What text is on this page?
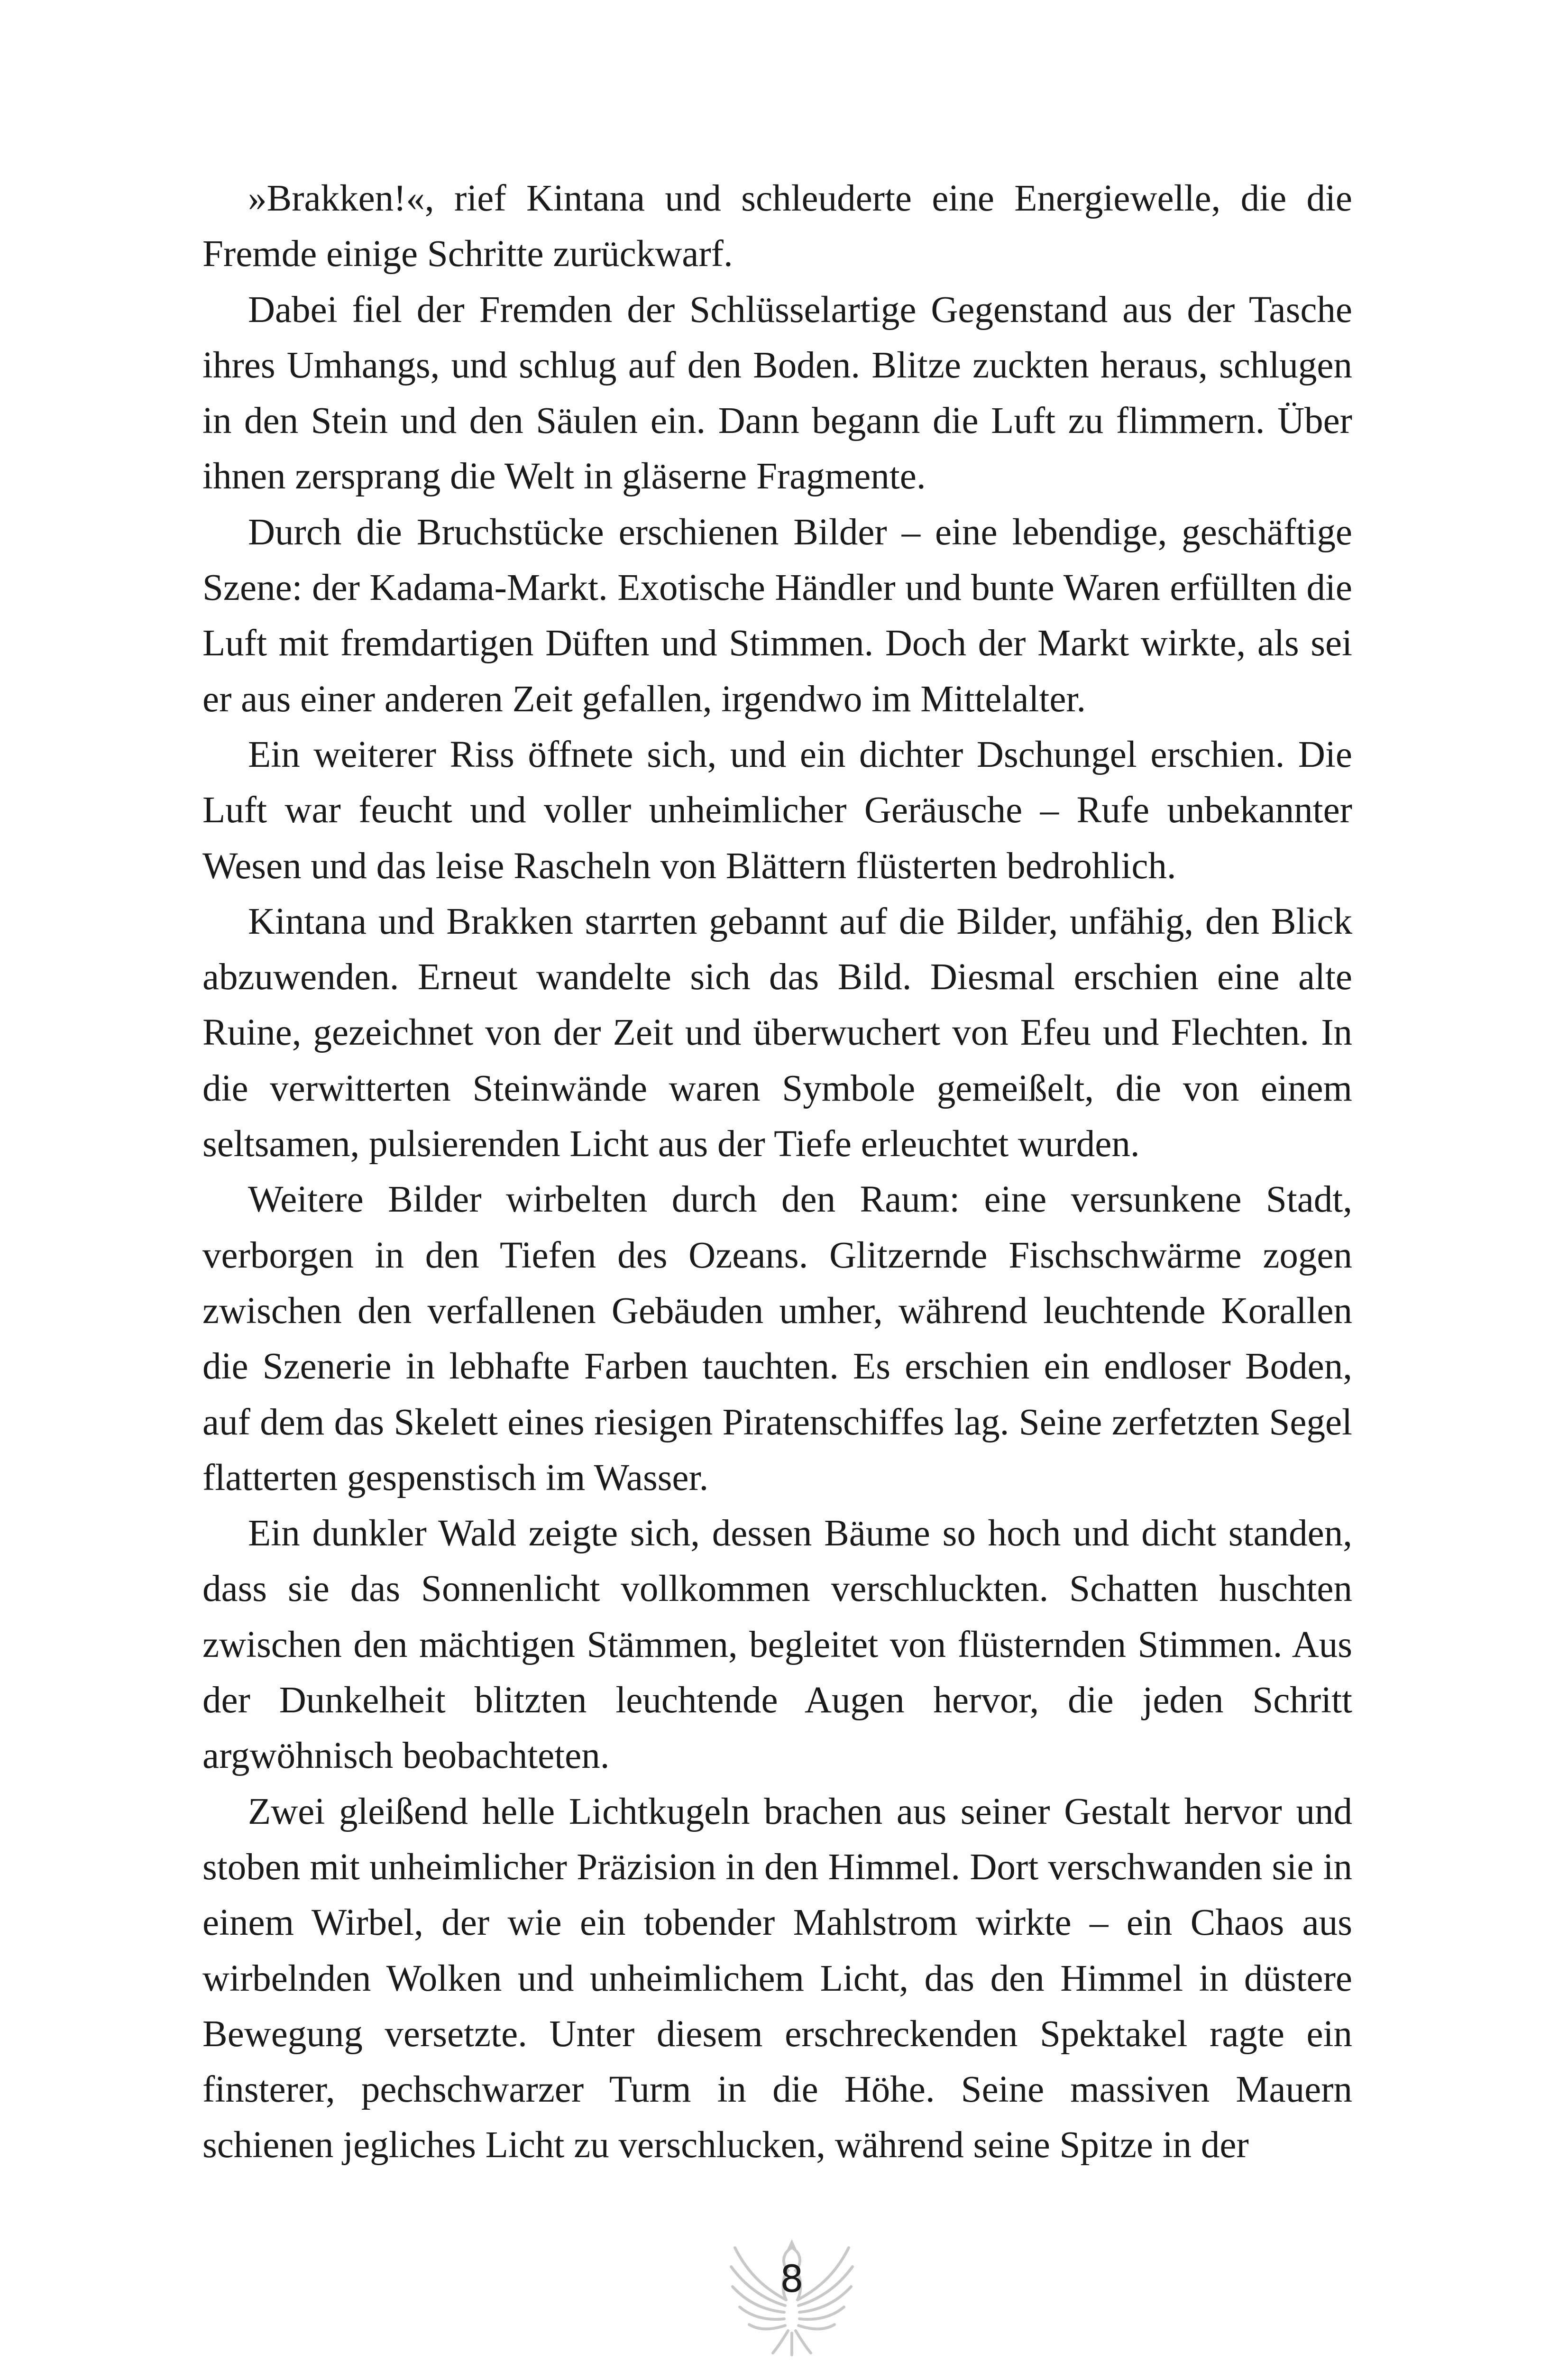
»Brakken!«, rief Kintana und schleuderte eine Energiewelle, die die Fremde einige Schritte zurückwarf.

Dabei fiel der Fremden der Schlüsselartige Gegenstand aus der Tasche ihres Umhangs, und schlug auf den Boden. Blitze zuckten heraus, schlugen in den Stein und den Säulen ein. Dann begann die Luft zu flimmern. Über ihnen zersprang die Welt in gläserne Fragmente.

Durch die Bruchstücke erschienen Bilder – eine lebendige, geschäftige Szene: der Kadama-Markt. Exotische Händler und bunte Waren erfüllten die Luft mit fremdartigen Düften und Stimmen. Doch der Markt wirkte, als sei er aus einer anderen Zeit gefallen, irgendwo im Mittelalter.

Ein weiterer Riss öffnete sich, und ein dichter Dschungel erschien. Die Luft war feucht und voller unheimlicher Geräusche – Rufe unbekannter Wesen und das leise Rascheln von Blättern flüsterten bedrohlich.

Kintana und Brakken starrten gebannt auf die Bilder, unfähig, den Blick abzuwenden. Erneut wandelte sich das Bild. Diesmal erschien eine alte Ruine, gezeichnet von der Zeit und überwuchert von Efeu und Flechten. In die verwitterten Steinwände waren Symbole gemeißelt, die von einem seltsamen, pulsierenden Licht aus der Tiefe erleuchtet wurden.

Weitere Bilder wirbelten durch den Raum: eine versunkene Stadt, verborgen in den Tiefen des Ozeans. Glitzernde Fischschwärme zogen zwischen den verfallenen Gebäuden umher, während leuchtende Korallen die Szenerie in lebhafte Farben tauchten. Es erschien ein endloser Boden, auf dem das Skelett eines riesigen Piratenschiffes lag. Seine zerfetzten Segel flatterten gespenstisch im Wasser.

Ein dunkler Wald zeigte sich, dessen Bäume so hoch und dicht standen, dass sie das Sonnenlicht vollkommen verschluckten. Schatten huschten zwischen den mächtigen Stämmen, begleitet von flüsternden Stimmen. Aus der Dunkelheit blitzten leuchtende Augen hervor, die jeden Schritt argwöhnisch beobachteten.

Zwei gleißend helle Lichtkugeln brachen aus seiner Gestalt hervor und stoben mit unheimlicher Präzision in den Himmel. Dort verschwanden sie in einem Wirbel, der wie ein tobender Mahlstrom wirkte – ein Chaos aus wirbelnden Wolken und unheimlichem Licht, das den Himmel in düstere Bewegung versetzte. Unter diesem erschreckenden Spektakel ragte ein finsterer, pechschwarzer Turm in die Höhe. Seine massiven Mauern schienen jegliches Licht zu verschlucken, während seine Spitze in der

8
